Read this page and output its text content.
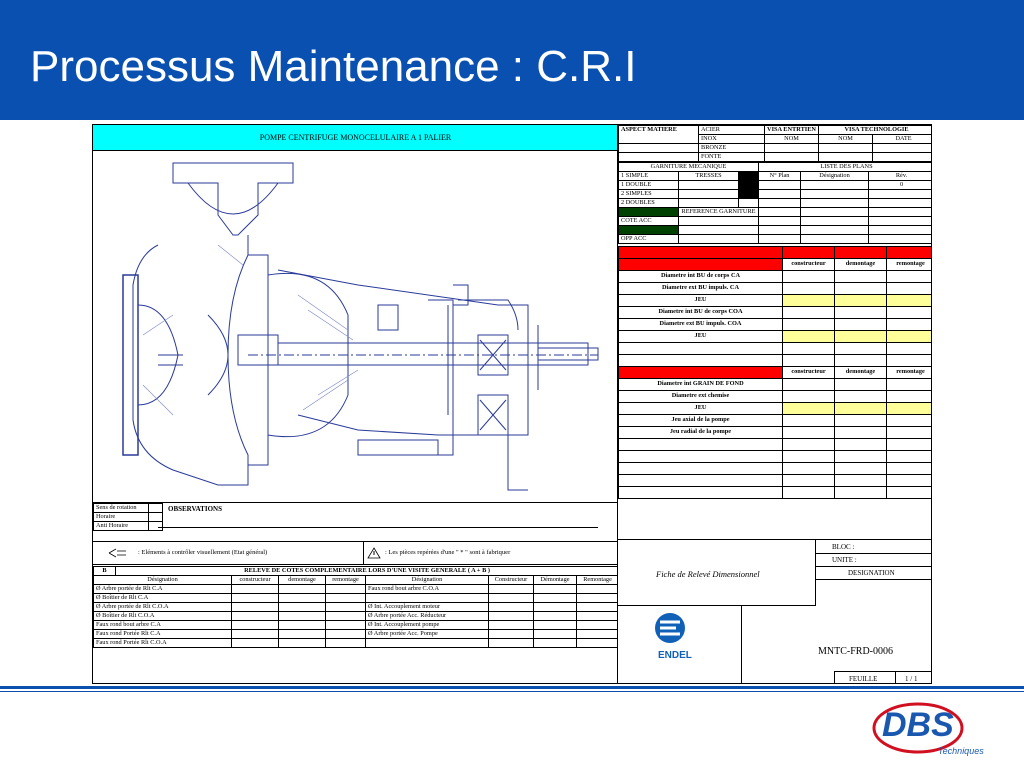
Processus Maintenance : C.R.I
POMPE CENTRIFUGE MONOCELULAIRE A 1 PALIER
Sens de rotation	
Horaire	
Anti Horaire	
OBSERVATIONS
: Eléments à contrôler visuellement (Etat général)	: Les pièces repérées d'une " * " sont à fabriquer
B	RELEVE DE COTES COMPLEMENTAIRE LORS D'UNE VISITE GENERALE ( A + B )							
Désignation		constructeur	demontage	remontage	Désignation	Constructeur	Démontage	Remontage
Ø Arbre portée de Rlt C.A					Faux rond bout arbre C.O.A			
Ø Boîtier de Rlt C.A								
Ø Arbre portée de Rlt C.O.A					Ø Int. Accouplement moteur			
Ø Boîtier de Rlt C.O.A					Ø Arbre portée Acc. Réducteur			
Faux rond bout arbre C.A					Ø Int. Accouplement pompe			
Faux rond Portée Rlt C.A					Ø Arbre portée Acc. Pompe			
Faux rond Portée Rlt C.O.A								
ASPECT MATIERE	ACIER	VISA ENTRTIEN	VISA TECHNOLOGIE	
	INOX	NOM	NOM	DATE
	BRONZE			
	FONTE			
GARNITURE MECANIQUE			LISTE DES PLANS		
1 SIMPLE	TRESSES		N° Plan	Désignation	Rév.
1 DOUBLE					0
2 SIMPLES					
2 DOUBLES					
	REFERENCE GARNITURE				
COTE ACC					

OPP ACC					

	constructeur	demontage	remontage
Diametre int BU de corps CA			
Diametre ext BU impuls. CA			
JEU			
Diametre int BU de corps COA			
Diametre ext BU impuls. COA			
JEU			

	constructeur	demontage	remontage
Diametre int GRAIN DE FOND			
Diametre ext chemise			
JEU			
Jeu axial de la pompe			
Jeu radial de la pompe			

Fiche de Relevé Dimensionnel
BLOC :
UNITE :
DESIGNATION
ENDEL	MNTC-FRD-0006
FEUILLE	1 / 1
DBS
Techniques
